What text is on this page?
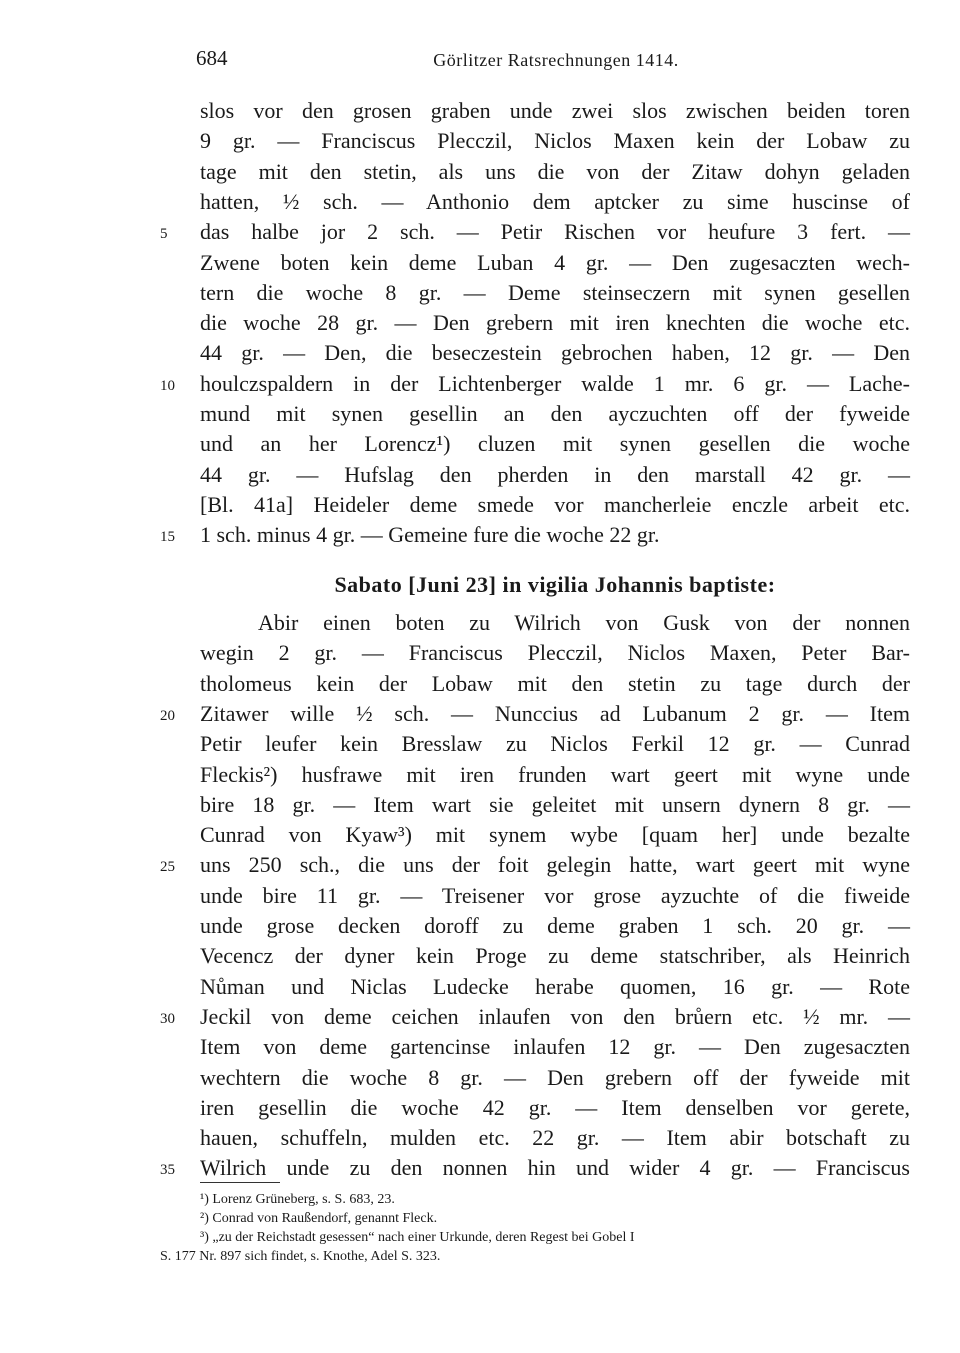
684	Görlitzer Ratsrechnungen 1414.
slos vor den grosen graben unde zwei slos zwischen beiden toren
9 gr. — Franciscus Plecczil, Niclos Maxen kein der Lobaw zu
tage mit den stetin, als uns die von der Zitaw dohyn geladen
hatten, ½ sch. — Anthonio dem aptcker zu sime huscinse of
5	das halbe jor 2 sch. — Petir Rischen vor heufure 3 fert. —
Zwene boten kein deme Luban 4 gr. — Den zugesaczten wech-
tern die woche 8 gr. — Deme steinseczern mit synen gesellen
die woche 28 gr. — Den grebern mit iren knechten die woche etc.
44 gr. — Den, die beseczestein gebrochen haben, 12 gr. — Den
10	houlczspaldern in der Lichtenberger walde 1 mr. 6 gr. — Lache-
mund mit synen gesellin an den ayczuchten off der fyweide
und an her Lorencz¹) cluzen mit synen gesellen die woche
44 gr. — Hufslag den pherden in den marstall 42 gr. —
[Bl. 41a] Heideler deme smede vor mancherleie enczle arbeit etc.
15	1 sch. minus 4 gr. — Gemeine fure die woche 22 gr.
Sabato [Juni 23] in vigilia Johannis baptiste:
Abir einen boten zu Wilrich von Gusk von der nonnen
wegin 2 gr. — Franciscus Plecczil, Niclos Maxen, Peter Bar-
tholomeus kein der Lobaw mit den stetin zu tage durch der
20	Zitawer wille ½ sch. — Nunccius ad Lubanum 2 gr. — Item
Petir leufer kein Bresslaw zu Niclos Ferkil 12 gr. — Cunrad
Fleckis²) husfrawe mit iren frunden wart geert mit wyne unde
bire 18 gr. — Item wart sie geleitet mit unsern dynern 8 gr. —
Cunrad von Kyaw³) mit synem wybe [quam her] unde bezalte
25	uns 250 sch., die uns der foit gelegin hatte, wart geert mit wyne
unde bire 11 gr. — Treisener vor grose ayzuchte of die fiweide
unde grose decken doroff zu deme graben 1 sch. 20 gr. —
Vecencz der dyner kein Proge zu deme statschriber, als Heinrich
Nůman und Niclas Ludecke herabe quomen, 16 gr. — Rote
30	Jeckil von deme ceichen inlaufen von den brůern etc. ½ mr. —
Item von deme gartencinse inlaufen 12 gr. — Den zugesaczten
wechtern die woche 8 gr. — Den grebern off der fyweide mit
iren gesellin die woche 42 gr. — Item denselben vor gerete,
hauen, schuffeln, mulden etc. 22 gr. — Item abir botschaft zu
35	Wilrich unde zu den nonnen hin und wider 4 gr. — Franciscus
¹) Lorenz Grüneberg, s. S. 683, 23.
²) Conrad von Raußendorf, genannt Fleck.
³) „zu der Reichstadt gesessen“ nach einer Urkunde, deren Regest bei Gobel I
S. 177 Nr. 897 sich findet, s. Knothe, Adel S. 323.
